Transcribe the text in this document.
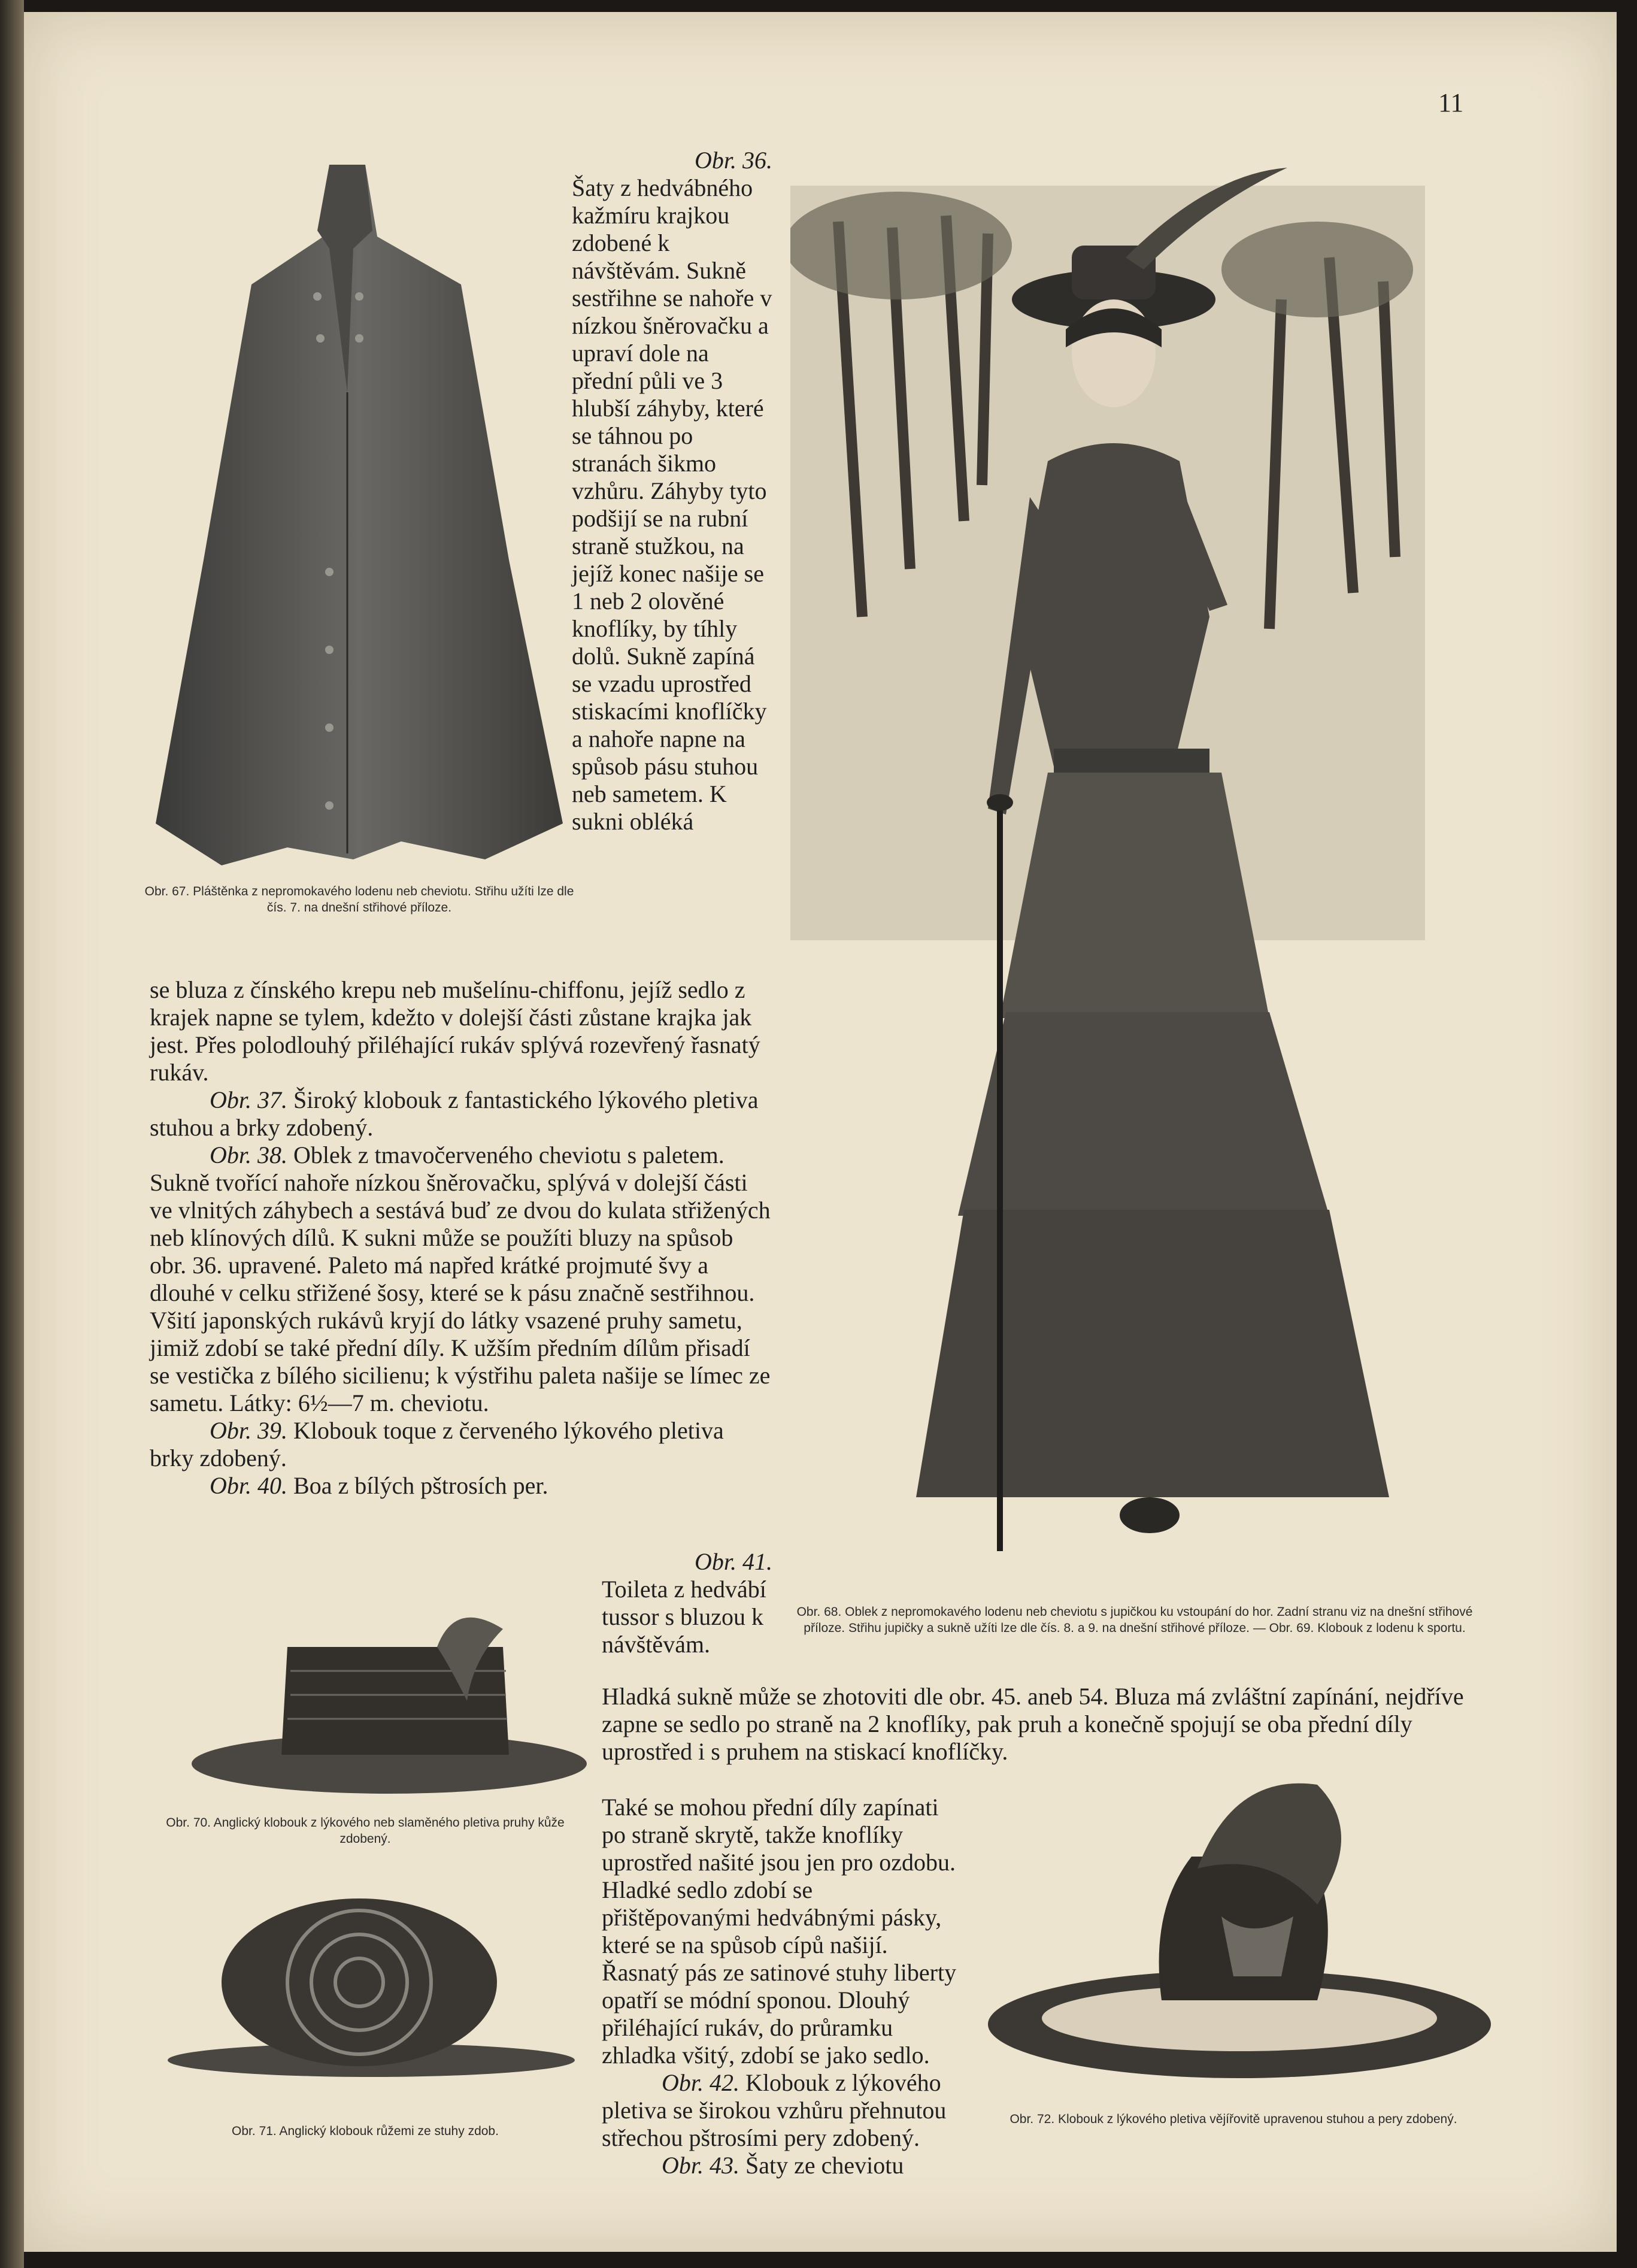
11
Obr. 67. Pláštěnka z nepromokavého lodenu neb cheviotu. Střihu užíti lze dle čís. 7. na dnešní střihové příloze.

Obr. 36.

Šaty z hedvábného kažmíru krajkou zdobené k návštěvám. Sukně sestřihne se nahoře v nízkou šněrovačku a upraví dole na přední půli ve 3 hlubší záhyby, které se táhnou po stranách šikmo vzhůru. Záhyby tyto podšijí se na rubní straně stužkou, na jejíž konec našije se 1 neb 2 olověné knoflíky, by tíhly dolů. Sukně zapíná se vzadu uprostřed stiskacími knoflíčky a nahoře napne na spůsob pásu stuhou neb sametem. K sukni obléká

se bluza z čínského krepu neb mušelínu-chiffonu, jejíž sedlo z krajek napne se tylem, kdežto v dolejší části zůstane krajka jak jest. Přes polodlouhý přiléhající rukáv splývá rozevřený řasnatý rukáv.

Obr. 37. Široký klobouk z fantastického lýkového pletiva stuhou a brky zdobený.

Obr. 38. Oblek z tmavočerveného cheviotu s paletem. Sukně tvořící nahoře nízkou šněrovačku, splývá v dolejší části ve vlnitých záhybech a sestává buď ze dvou do kulata střižených neb klínových dílů. K sukni může se použíti bluzy na spůsob obr. 36. upravené. Paleto má napřed krátké projmuté švy a dlouhé v celku střižené šosy, které se k pásu značně sestřihnou. Všití japonských rukávů kryjí do látky vsazené pruhy sametu, jimiž zdobí se také přední díly. K užším předním dílům přisadí se vestička z bílého sicilienu; k výstřihu paleta našije se límec ze sametu. Látky: 6½—7 m. cheviotu.

Obr. 39. Klobouk toque z červeného lýkového pletiva brky zdobený.

Obr. 40. Boa z bílých pštrosích per.

Obr. 41.

Toileta z hedvábí tussor s bluzou k návštěvám.

Obr. 68. Oblek z nepromokavého lodenu neb cheviotu s jupičkou ku vstoupání do hor. Zadní stranu viz na dnešní střihové příloze. Střihu jupičky a sukně užíti lze dle čís. 8. a 9. na dnešní střihové příloze. — Obr. 69. Klobouk z lodenu k sportu.
Obr. 70. Anglický klobouk z lýkového neb slaměného pletiva pruhy kůže zdobený.
Obr. 71. Anglický klobouk růžemi ze stuhy zdob.

Hladká sukně může se zhotoviti dle obr. 45. aneb 54. Bluza má zvláštní zapínání, nejdříve zapne se sedlo po straně na 2 knoflíky, pak pruh a konečně spojují se oba přední díly uprostřed i s pruhem na stiskací knoflíčky.

Také se mohou přední díly zapínati po straně skrytě, takže knoflíky uprostřed našité jsou jen pro ozdobu. Hladké sedlo zdobí se přištěpovanými hedvábnými pásky, které se na spůsob cípů našijí. Řasnatý pás ze satinové stuhy liberty opatří se módní sponou. Dlouhý přiléhající rukáv, do průramku zhladka všitý, zdobí se jako sedlo.

Obr. 42. Klobouk z lýkového pletiva se širokou vzhůru přehnutou střechou pštrosími pery zdobený.

Obr. 43. Šaty ze cheviotu

Obr. 72. Klobouk z lýkového pletiva vějířovitě upravenou stuhou a pery zdobený.
